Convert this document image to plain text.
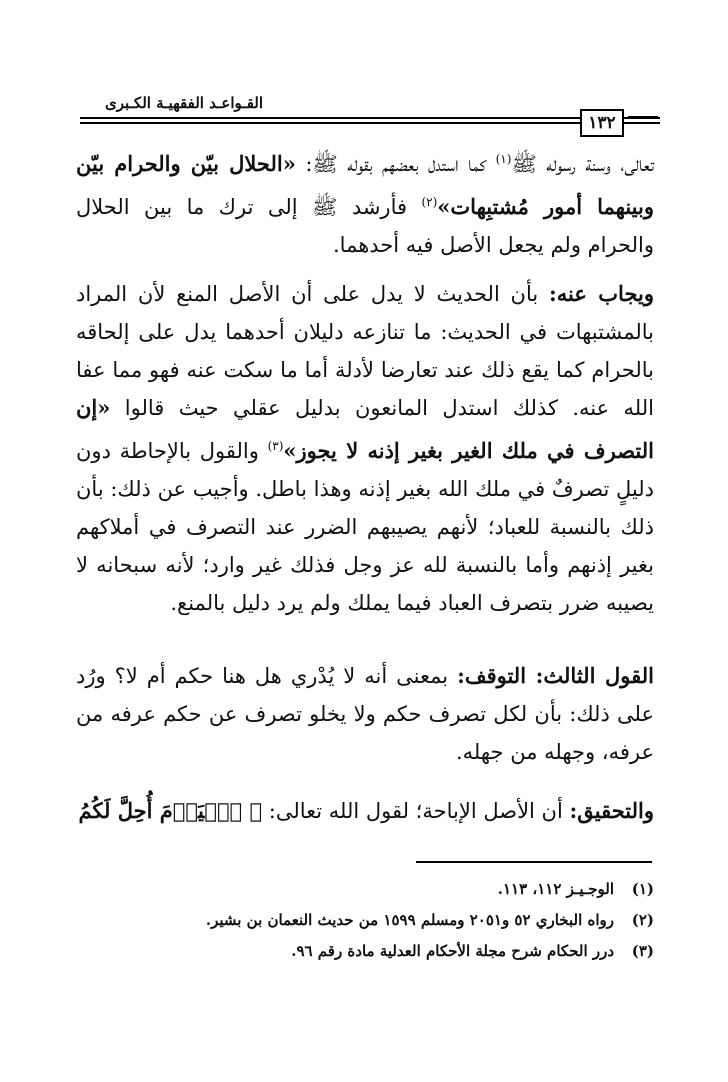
القـواعـد الفقهيـة الكـبرى
١٣٢

تعالى، وسنة رسوله ﷺ$^{(١)}$ كما استدل بعضهم بقوله ﷺ: «الحلال بيّن والحرام بيّن وبينهما أمور مُشتبِهات»$^{(٢)}$ فأرشد ﷺ إلى ترك ما بين الحلال والحرام ولم يجعل الأصل فيه أحدهما.

ويجاب عنه: بأن الحديث لا يدل على أن الأصل المنع لأن المراد بالمشتبهات في الحديث: ما تنازعه دليلان أحدهما يدل على إلحاقه بالحرام كما يقع ذلك عند تعارضا لأدلة أما ما سكت عنه فهو مما عفا الله عنه. كذلك استدل المانعون بدليل عقلي حيث قالوا «إن التصرف في ملك الغير بغير إذنه لا يجوز»$^{(٣)}$ والقول بالإحاطة دون دليلٍ تصرفٌ في ملك الله بغير إذنه وهذا باطل. وأجيب عن ذلك: بأن ذلك بالنسبة للعباد؛ لأنهم يصيبهم الضرر عند التصرف في أملاكهم بغير إذنهم وأما بالنسبة لله عز وجل فذلك غير وارد؛ لأنه سبحانه لا يصيبه ضرر بتصرف العباد فيما يملك ولم يرد دليل بالمنع.

القول الثالث: التوقف: بمعنى أنه لا يُدْري هل هنا حكم أم لا؟ ورُد على ذلك: بأن لكل تصرف حكم ولا يخلو تصرف عن حكم عرفه من عرفه، وجهله من جهله.

والتحقيق: أن الأصل الإباحة؛ لقول الله تعالى: ﴿ ٱلۡيَوۡمَ أُحِلَّ لَكُمُ

(١)
الوجـيـز ١١٢، ١١٣.
(٢)
رواه البخاري ٥٢ و٢٠٥١ ومسلم ١٥٩٩ من حديث النعمان بن بشير.
(٣)
درر الحكام شرح مجلة الأحكام العدلية مادة رقم ٩٦.
